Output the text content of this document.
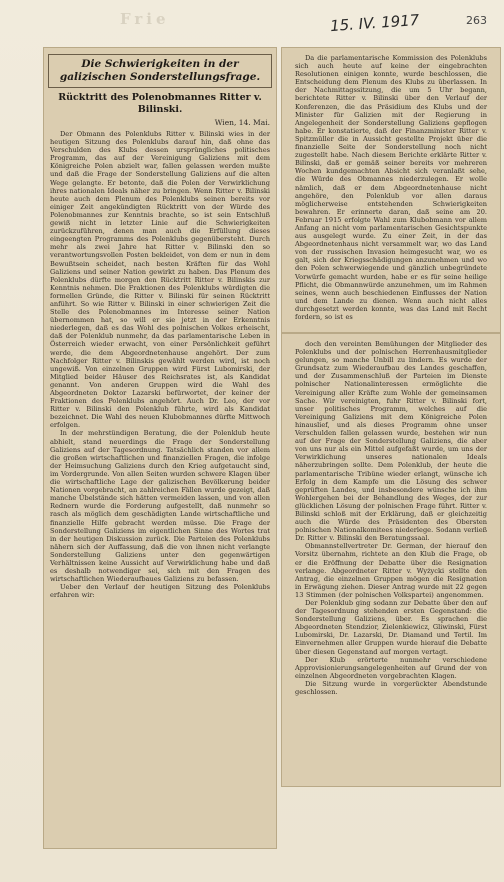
Frie	15. IV. 1917	263
Die Schwierigkeiten in der galizischen Sonderstellungsfrage.
Rücktritt des Polenobmannes Ritter v. Bilinski.
Wien, 14. Mai.

Der Obmann des Polenklubs Ritter v. Bilinski wies in der heutigen Sitzung des Polenklubs darauf hin, daß ohne das Verschulden des Klubs dessen ursprüngliches politisches Programm, das auf der Vereinigung Galiziens mit dem Königreiche Polen abzielt war, fallen gelassen werden mußte und daß die Frage der Sonderstellung Galiziens auf die alten Wege gelangte. Er betonte, daß die Polen der Verwirklichung ihres nationalen Ideals näher zu bringen. Wenn Ritter v. Bilinski heute auch dem Plenum des Polenklubs seinen bereits vor einiger Zeit angekündigten Rücktritt von der Würde des Polenobmannes zur Kenntnis brachte, so ist sein Entschluß gewiß nicht in letzter Linie auf die Schwierigkeiten zurückzuführen, denen man auch die Erfüllung dieses eingeengten Programms des Polenklubs gegenübersteht. Durch mehr als zwei Jahre hat Ritter v. Bilinski den so verantwortungsvollen Posten bekleidet, von dem er nun in dem Bewußtsein scheidet, nach besten Kräften für das Wohl Galiziens und seiner Nation gewirkt zu haben. Das Plenum des Polenklubs dürfte morgen den Rücktritt Ritter v. Bilinskis zur Kenntnis nehmen. Die Fraktionen des Polenklubs würdigten die formellen Gründe, die Ritter v. Bilinski für seinen Rücktritt anführt. So wie Ritter v. Bilinski in einer schwierigen Zeit die Stelle des Polenobmannes im Interesse seiner Nation übernommen hat, so will er sie jetzt in der Erkenntnis niederlegen, daß es das Wohl des polnischen Volkes erheischt, daß der Polenklub nunmehr, da das parlamentarische Leben in Österreich wieder erwacht, von einer Persönlichkeit geführt werde, die dem Abgeordnetenhause angehört. Der zum Nachfolger Ritter v. Bilinskis gewählt werden wird, ist noch ungewiß. Von einzelnen Gruppen wird Fürst Lubomirski, der Mitglied beider Häuser des Reichsrates ist, als Kandidat genannt. Von anderen Gruppen wird die Wahl des Abgeordneten Doktor Lazarski befürwortet, der keiner der Fraktionen des Polenklubs angehört. Auch Dr. Leo, der vor Ritter v. Bilinski den Polenklub führte, wird als Kandidat bezeichnet. Die Wahl des neuen Klubobmannes dürfte Mittwoch erfolgen.

In der mehrstündigen Beratung, die der Polenklub heute abhielt, stand neuerdings die Frage der Sonderstellung Galiziens auf der Tagesordnung. Tatsächlich standen vor allem die großen wirtschaftlichen und finanziellen Fragen, die infolge der Heimsuchung Galiziens durch den Krieg aufgetaucht sind, im Vordergrunde. Von allen Seiten wurden schwere Klagen über die wirtschaftliche Lage der galizischen Bevölkerung beider Nationen vorgebracht, an zahlreichen Fällen wurde gezeigt, daß manche Übelstände sich hätten vermeiden lassen, und von allen Rednern wurde die Forderung aufgestellt, daß nunmehr so rasch als möglich dem geschädigten Lande wirtschaftliche und finanzielle Hilfe gebracht werden müsse. Die Frage der Sonderstellung Galiziens im eigentlichen Sinne des Wortes trat in der heutigen Diskussion zurück. Die Parteien des Polenklubs nähern sich der Auffassung, daß die von ihnen nicht verlangte Sonderstellung Galiziens unter den gegenwärtigen Verhältnissen keine Aussicht auf Verwirklichung habe und daß es deshalb notwendiger sei, sich mit den Fragen des wirtschaftlichen Wiederaufbaues Galiziens zu befassen.

Ueber den Verlauf der heutigen Sitzung des Polenklubs erfahren wir:

Da die parlamentarische Kommission des Polenklubs sich auch heute auf keine der eingebrachten Resolutionen einigen konnte, wurde beschlossen, die Entscheidung dem Plenum des Klubs zu überlassen. In der Nachmittagssitzung, die um 5 Uhr begann, berichtete Ritter v. Bilinski über den Verlauf der Konferenzen, die das Präsidium des Klubs und der Minister für Galizien mit der Regierung in Angelegenheit der Sonderstellung Galiziens gepflogen habe. Er konstatierte, daß der Finanzminister Ritter v. Spitzmüller die in Aussicht gestellte Projekt über die finanzielle Seite der Sonderstellung noch nicht zugestellt habe. Nach diesem Berichte erklärte Ritter v. Bilinski, daß er gemäß seiner bereits vor mehreren Wochen kundgemachten Absicht sich veranlaßt sehe, die Würde des Obmannes niederzulegen. Er wolle nämlich, daß er dem Abgeordnetenhause nicht angehöre, den Polenklub vor allen daraus möglicherweise entstehenden Schwierigkeiten bewahren. Er erinnerte daran, daß seine am 20. Februar 1915 erfolgte Wahl zum Klubobmann vor allem Anfang an nicht vom parlamentarischen Gesichtspunkte aus ausgelegt wurde. Zu einer Zeit, in der das Abgeordnetenhaus nicht versammelt war, wo das Land von der russischen Invasion heimgesucht war, wo es galt, sich der Kriegsschädigungen anzunehmen und wo den Polen schwerwiegende und gänzlich unbegründete Vorwürfe gemacht wurden, habe er es für seine heilige Pflicht, die Obmannwürde anzunehmen, um im Rahmen seines, wenn auch beschiedenen Einflusses der Nation und dem Lande zu dienen. Wenn auch nicht alles durchgesetzt werden konnte, was das Land mit Recht fordern, so ist es

doch den vereinten Bemühungen der Mitglieder des Polenklubs und der polnischen Herrenhausmitglieder gelungen, so manche Unbill zu lindern. Es wurde der Grundsatz zum Wiederaufbau des Landes geschaffen, und der Zusammenschluß der Parteien im Dienste polnischer Nationalinteressen ermöglichte die Vereinigung aller Kräfte zum Wohle der gemeinsamen Sache. Wir vereinigten, fuhr Ritter v. Bilinski fort, unser politisches Programm, welches auf die Vereinigung Galiziens mit dem Königreiche Polen hinauslief, und als dieses Programm ohne unser Verschulden fallen gelassen wurde, bestehen wir nun auf der Frage der Sonderstellung Galiziens, die aber von uns nur als ein Mittel aufgefaßt wurde, um uns der Verwirklichung unseres nationalen Ideals näherzubringen sollte. Dem Polenklub, der heute die parlamentarische Tribüne wieder erlangt, wünsche ich Erfolg in dem Kampfe um die Lösung des schwer geprüften Landes, und insbesondere wünsche ich ihm Wohlergehen bei der Behandlung des Weges, der zur glücklichen Lösung der polnischen Frage führt. Ritter v. Bilinski schloß mit der Erklärung, daß er gleichzeitig auch die Würde des Präsidenten des Obersten polnischen Nationalkomitees niederlege. Sodann verließ Dr. Ritter v. Bilinski den Beratungssaal.

Obmannstellvertreter Dr. German, der hierauf den Vorsitz übernahm, richtete an den Klub die Frage, ob er die Eröffnung der Debatte über die Resignation verlange. Abgeordneter Ritter v. Wyżycki stellte den Antrag, die einzelnen Gruppen mögen die Resignation in Erwägung ziehen. Dieser Antrag wurde mit 22 gegen 13 Stimmen (der polnischen Volkspartei) angenommen.

Der Polenklub ging sodann zur Debatte über den auf der Tagesordnung stehenden ersten Gegenstand: die Sonderstellung Galiziens, über. Es sprachen die Abgeordneten Stendzior, Zielenkiewicz, Gliwinski, Fürst Lubomirski, Dr. Lazarski, Dr. Diamand und Tertil. Im Einvernehmen aller Gruppen wurde hierauf die Debatte über diesen Gegenstand auf morgen vertagt.

Der Klub erörterte nunmehr verschiedene Approvisionierungsangelegenheiten auf Grund der von einzelnen Abgeordneten vorgebrachten Klagen.

Die Sitzung wurde in vorgerückter Abendstunde geschlossen.
